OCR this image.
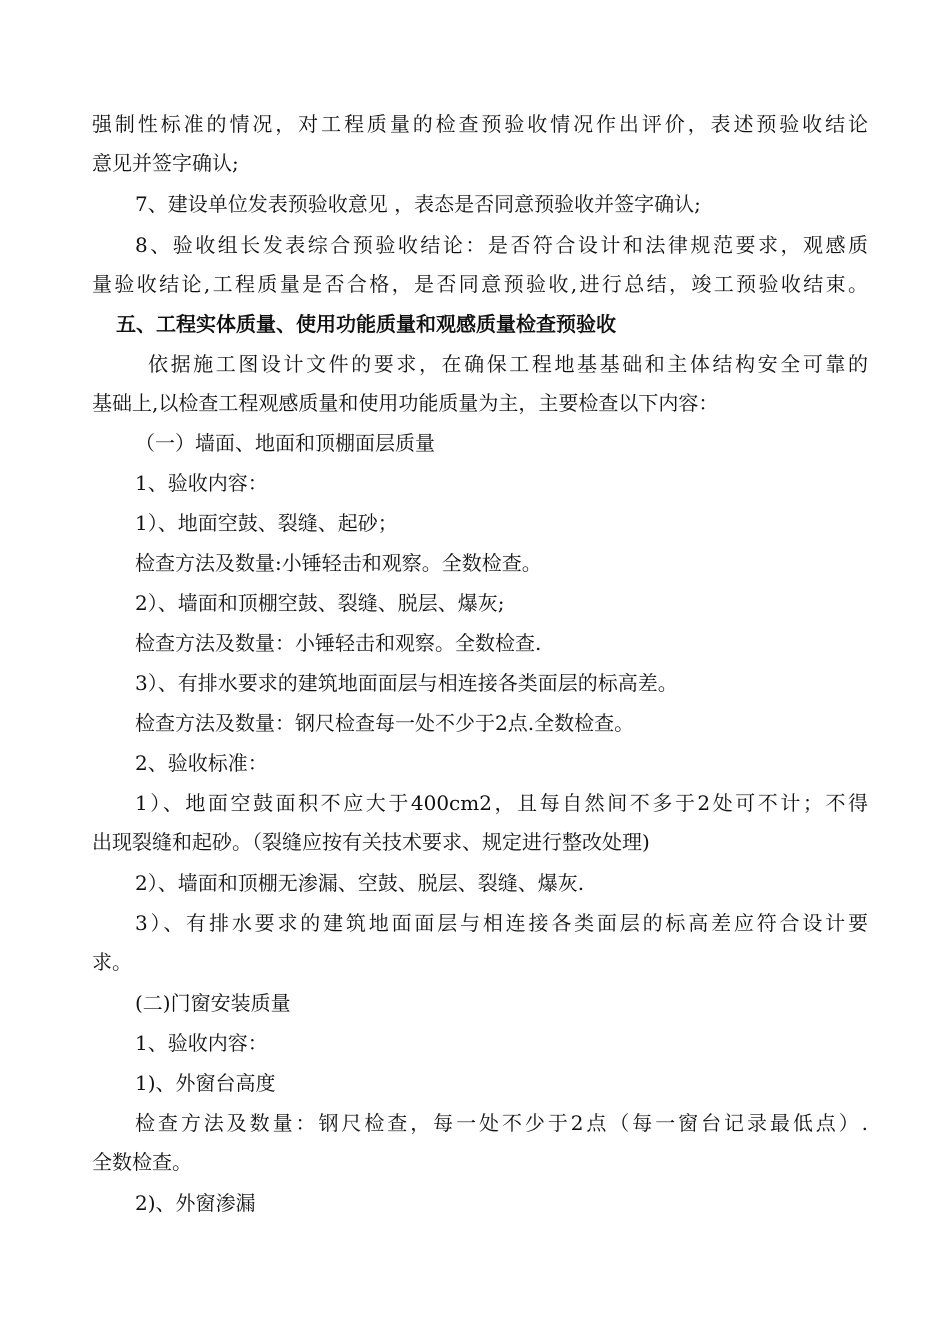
强制性标准的情况，对工程质量的检查预验收情况作出评价，表述预验收结论
意见并签字确认;
7、建设单位发表预验收意见 ，表态是否同意预验收并签字确认;
8、验收组长发表综合预验收结论：是否符合设计和法律规范要求，观感质
量验收结论,工程质量是否合格，是否同意预验收,进行总结，竣工预验收结束。
五、工程实体质量、使用功能质量和观感质量检查预验收
依据施工图设计文件的要求，在确保工程地基基础和主体结构安全可靠的
基础上,以检查工程观感质量和使用功能质量为主，主要检查以下内容：
（一）墙面、地面和顶棚面层质量
1、验收内容：
1）、地面空鼓、裂缝、起砂；
检查方法及数量:小锤轻击和观察。全数检查。
2）、墙面和顶棚空鼓、裂缝、脱层、爆灰;
检查方法及数量：小锤轻击和观察。全数检查.
3）、有排水要求的建筑地面面层与相连接各类面层的标高差。
检查方法及数量：钢尺检查每一处不少于2点.全数检查。
2、验收标准：
1）、地面空鼓面积不应大于400cm2，且每自然间不多于2处可不计；不得
出现裂缝和起砂。（裂缝应按有关技术要求、规定进行整改处理)
2）、墙面和顶棚无渗漏、空鼓、脱层、裂缝、爆灰.
3）、有排水要求的建筑地面面层与相连接各类面层的标高差应符合设计要
求。
(二)门窗安装质量
1、验收内容：
1)、外窗台高度
检查方法及数量：钢尺检查，每一处不少于2点（每一窗台记录最低点）.
全数检查。
2)、外窗渗漏
